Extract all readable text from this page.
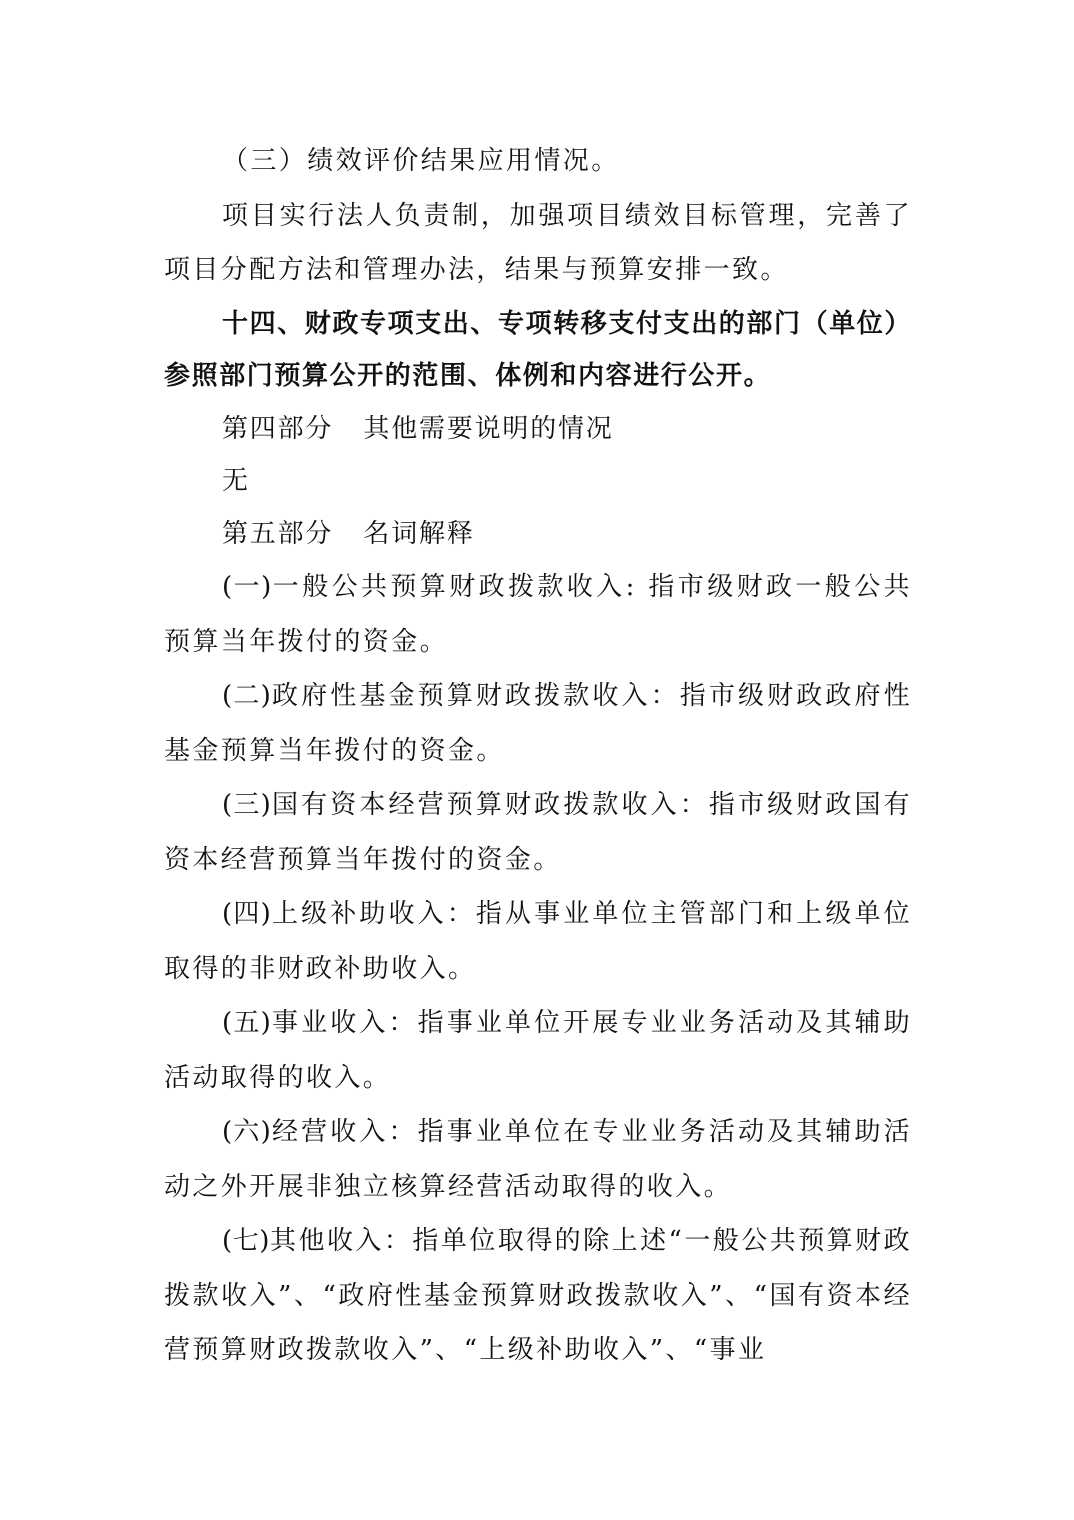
（三）绩效评价结果应用情况。

项目实行法人负责制，加强项目绩效目标管理，完善了项目分配方法和管理办法，结果与预算安排一致。

十四、财政专项支出、专项转移支付支出的部门（单位）参照部门预算公开的范围、体例和内容进行公开。

第四部分 其他需要说明的情况

无

第五部分 名词解释

(一)一般公共预算财政拨款收入: 指市级财政一般公共预算当年拨付的资金。

(二)政府性基金预算财政拨款收入：指市级财政政府性基金预算当年拨付的资金。

(三)国有资本经营预算财政拨款收入：指市级财政国有资本经营预算当年拨付的资金。

(四)上级补助收入：指从事业单位主管部门和上级单位取得的非财政补助收入。

(五)事业收入：指事业单位开展专业业务活动及其辅助活动取得的收入。

(六)经营收入：指事业单位在专业业务活动及其辅助活动之外开展非独立核算经营活动取得的收入。

(七)其他收入：指单位取得的除上述“一般公共预算财政拨款收入”、“政府性基金预算财政拨款收入”、“国有资本经营预算财政拨款收入”、“上级补助收入”、“事业
